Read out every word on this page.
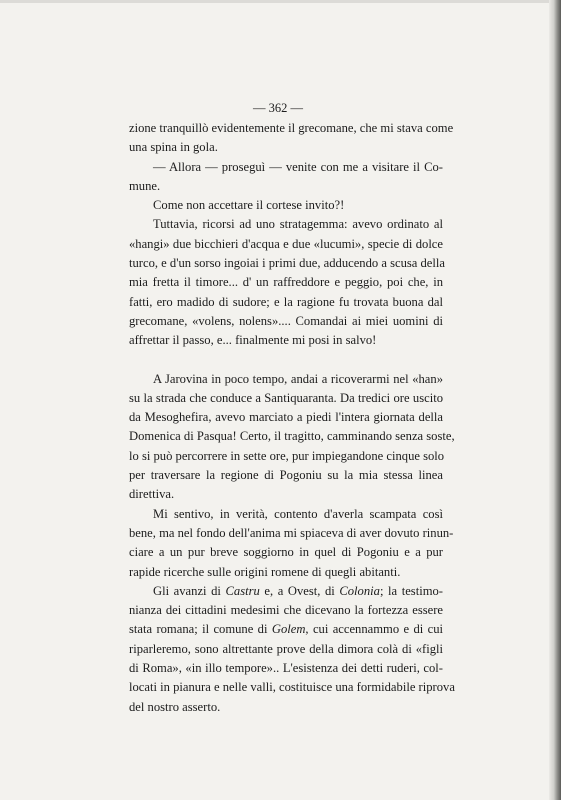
— 362 —
zione tranquillò evidentemente il grecomane, che mi stava come
una spina in gola.
— Allora — proseguì — venite con me a visitare il Co-
mune.
Come non accettare il cortese invito?!
Tuttavia, ricorsi ad uno stratagemma: avevo ordinato al
«hangi» due bicchieri d'acqua e due «lucumi», specie di dolce
turco, e d'un sorso ingoiai i primi due, adducendo a scusa della
mia fretta il timore... d' un raffreddore e peggio, poi che, in
fatti, ero madido di sudore; e la ragione fu trovata buona dal
grecomane, «volens, nolens».... Comandai ai miei uomini di
affrettar il passo, e... finalmente mi posi in salvo!
A Jarovina in poco tempo, andai a ricoverarmi nel «han»
su la strada che conduce a Santiquaranta. Da tredici ore uscito
da Mesoghefira, avevo marciato a piedi l'intera giornata della
Domenica di Pasqua! Certo, il tragitto, camminando senza soste,
lo si può percorrere in sette ore, pur impiegandone cinque solo
per traversare la regione di Pogoniu su la mia stessa linea
direttiva.
Mi sentivo, in verità, contento d'averla scampata così
bene, ma nel fondo dell'anima mi spiaceva di aver dovuto rinun-
ciare a un pur breve soggiorno in quel di Pogoniu e a pur
rapide ricerche sulle origini romene di quegli abitanti.
Gli avanzi di Castru e, a Ovest, di Colonia; la testimo-
nianza dei cittadini medesimi che dicevano la fortezza essere
stata romana; il comune di Golem, cui accennammo e di cui
riparleremo, sono altrettante prove della dimora colà di «figli
di Roma», «in illo tempore».. L'esistenza dei detti ruderi, col-
locati in pianura e nelle valli, costituisce una formidabile riprova
del nostro asserto.
